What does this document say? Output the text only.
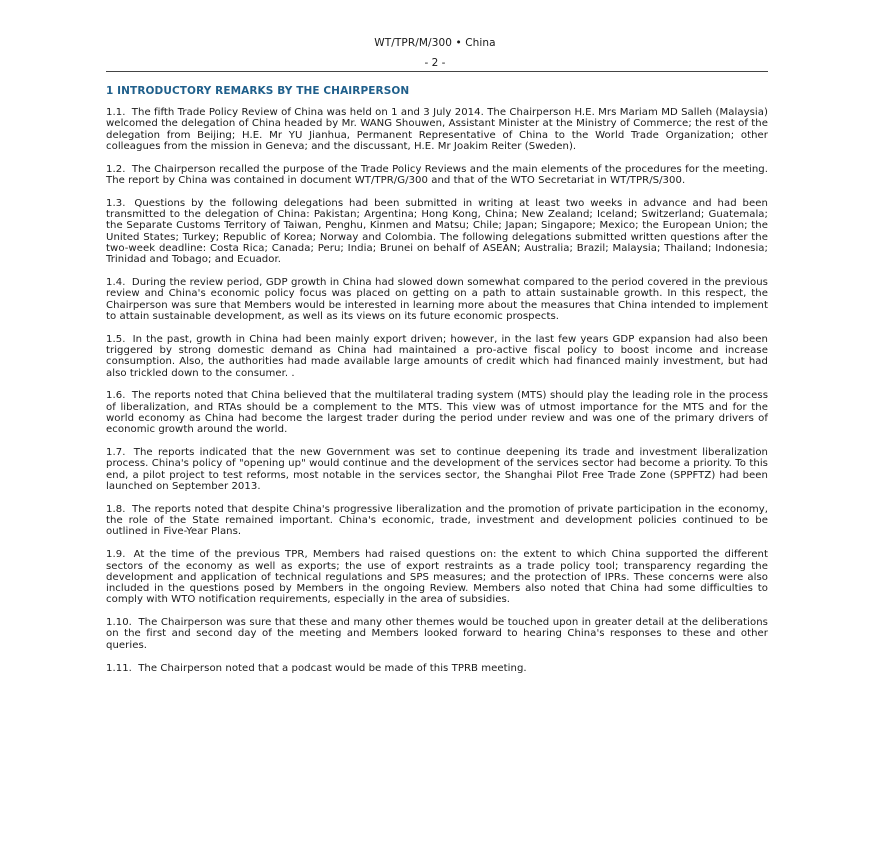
WT/TPR/M/300 • China
- 2 -
1 INTRODUCTORY REMARKS BY THE CHAIRPERSON

1.1. The fifth Trade Policy Review of China was held on 1 and 3 July 2014. The Chairperson H.E. Mrs Mariam MD Salleh (Malaysia) welcomed the delegation of China headed by Mr. WANG Shouwen, Assistant Minister at the Ministry of Commerce; the rest of the delegation from Beijing; H.E. Mr YU Jianhua, Permanent Representative of China to the World Trade Organization; other colleagues from the mission in Geneva; and the discussant, H.E. Mr Joakim Reiter (Sweden).

1.2. The Chairperson recalled the purpose of the Trade Policy Reviews and the main elements of the procedures for the meeting. The report by China was contained in document WT/TPR/G/300 and that of the WTO Secretariat in WT/TPR/S/300.

1.3. Questions by the following delegations had been submitted in writing at least two weeks in advance and had been transmitted to the delegation of China: Pakistan; Argentina; Hong Kong, China; New Zealand; Iceland; Switzerland; Guatemala; the Separate Customs Territory of Taiwan, Penghu, Kinmen and Matsu; Chile; Japan; Singapore; Mexico; the European Union; the United States; Turkey; Republic of Korea; Norway and Colombia. The following delegations submitted written questions after the two-week deadline: Costa Rica; Canada; Peru; India; Brunei on behalf of ASEAN; Australia; Brazil; Malaysia; Thailand; Indonesia; Trinidad and Tobago; and Ecuador.

1.4. During the review period, GDP growth in China had slowed down somewhat compared to the period covered in the previous review and China's economic policy focus was placed on getting on a path to attain sustainable growth. In this respect, the Chairperson was sure that Members would be interested in learning more about the measures that China intended to implement to attain sustainable development, as well as its views on its future economic prospects.

1.5. In the past, growth in China had been mainly export driven; however, in the last few years GDP expansion had also been triggered by strong domestic demand as China had maintained a pro-active fiscal policy to boost income and increase consumption. Also, the authorities had made available large amounts of credit which had financed mainly investment, but had also trickled down to the consumer. .

1.6. The reports noted that China believed that the multilateral trading system (MTS) should play the leading role in the process of liberalization, and RTAs should be a complement to the MTS. This view was of utmost importance for the MTS and for the world economy as China had become the largest trader during the period under review and was one of the primary drivers of economic growth around the world.

1.7. The reports indicated that the new Government was set to continue deepening its trade and investment liberalization process. China's policy of "opening up" would continue and the development of the services sector had become a priority. To this end, a pilot project to test reforms, most notable in the services sector, the Shanghai Pilot Free Trade Zone (SPPFTZ) had been launched on September 2013.

1.8. The reports noted that despite China's progressive liberalization and the promotion of private participation in the economy, the role of the State remained important. China's economic, trade, investment and development policies continued to be outlined in Five-Year Plans.

1.9. At the time of the previous TPR, Members had raised questions on: the extent to which China supported the different sectors of the economy as well as exports; the use of export restraints as a trade policy tool; transparency regarding the development and application of technical regulations and SPS measures; and the protection of IPRs. These concerns were also included in the questions posed by Members in the ongoing Review. Members also noted that China had some difficulties to comply with WTO notification requirements, especially in the area of subsidies.

1.10. The Chairperson was sure that these and many other themes would be touched upon in greater detail at the deliberations on the first and second day of the meeting and Members looked forward to hearing China's responses to these and other queries.

1.11. The Chairperson noted that a podcast would be made of this TPRB meeting.
